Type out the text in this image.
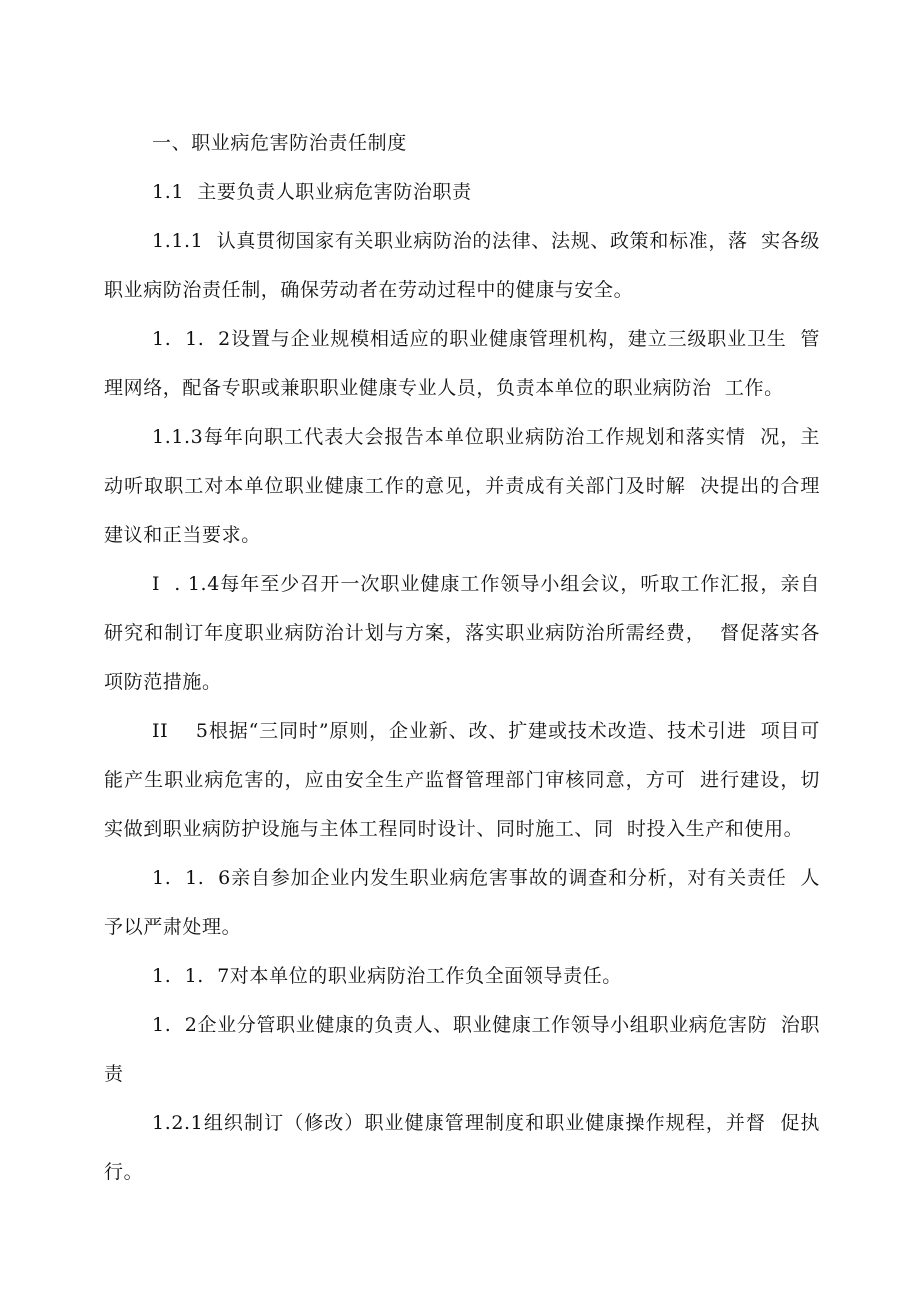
一、职业病危害防治责任制度

1.1  主要负责人职业病危害防治职责

1.1.1  认真贯彻国家有关职业病防治的法律、法规、政策和标准，落  实各级职业病防治责任制，确保劳动者在劳动过程中的健康与安全。

1.  1.  2设置与企业规模相适应的职业健康管理机构，建立三级职业卫生  管理网络，配备专职或兼职职业健康专业人员，负责本单位的职业病防治  工作。

1.1.3每年向职工代表大会报告本单位职业病防治工作规划和落实情  况，主动听取职工对本单位职业健康工作的意见，并责成有关部门及时解  决提出的合理建议和正当要求。

I  . 1.4每年至少召开一次职业健康工作领导小组会议，听取工作汇报，亲自研究和制订年度职业病防治计划与方案，落实职业病防治所需经费，  督促落实各项防范措施。

II    5根据“三同时”原则，企业新、改、扩建或技术改造、技术引进  项目可能产生职业病危害的，应由安全生产监督管理部门审核同意，方可  进行建设，切实做到职业病防护设施与主体工程同时设计、同时施工、同  时投入生产和使用。

1.  1.  6亲自参加企业内发生职业病危害事故的调查和分析，对有关责任  人予以严肃处理。

1.  1.  7对本单位的职业病防治工作负全面领导责任。

1.  2企业分管职业健康的负责人、职业健康工作领导小组职业病危害防  治职责

1.2.1组织制订（修改）职业健康管理制度和职业健康操作规程，并督  促执行。
